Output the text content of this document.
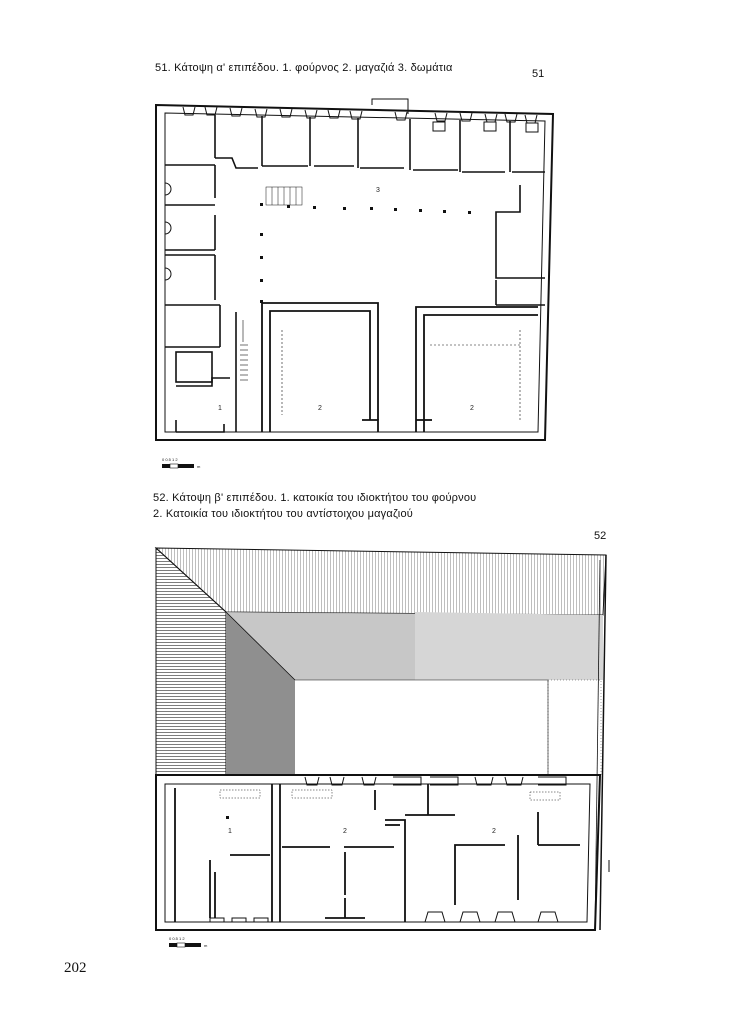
51. Κάτοψη α' επιπέδου. 1. φούρνος 2. μαγαζιά 3. δωμάτια	51
52. Κάτοψη β' επιπέδου. 1. κατοικία του ιδιοκτήτου του φούρνου
2. Κατοικία του ιδιοκτήτου του αντίστοιχου μαγαζιού
52
202
1	2	2
3
0 0.5 1 2
m
1	2	2
0 0.5 1 2
m
